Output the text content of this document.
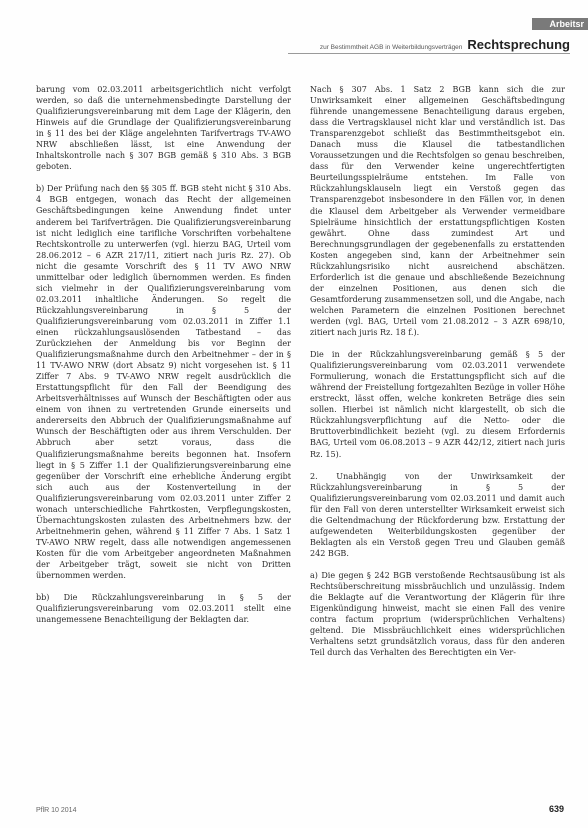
Arbeitsr
zur Bestimmtheit AGB in Weiterbildungsverträgen Rechtsprechung

barung vom 02.03.2011 arbeitsgerichtlich nicht verfolgt werden, so daß die unternehmensbedingte Darstellung der Qualifizierungsvereinbarung mit dem Lage der Klägerin, den Hinweis auf die Grundlage der Qualifizierungsvereinbarung in § 11 des bei der Kläge angelehnten Tarifvertrags TV-AWO NRW abschließen lässt, ist eine Anwendung der Inhaltskontrolle nach § 307 BGB gemäß § 310 Abs. 3 BGB geboten.

b) Der Prüfung nach den §§ 305 ff. BGB steht nicht § 310 Abs. 4 BGB entgegen, wonach das Recht der allgemeinen Geschäftsbedingungen keine Anwendung findet unter anderem bei Tarifverträgen. Die Qualifizierungsvereinbarung ist nicht lediglich eine tarifliche Vorschriften vorbehaltene Rechtskontrolle zu unterwerfen (vgl. hierzu BAG, Urteil vom 28.06.2012 – 6 AZR 217/11, zitiert nach juris Rz. 27). Ob nicht die gesamte Vorschrift des § 11 TV AWO NRW unmittelbar oder lediglich übernommen werden. Es finden sich vielmehr in der Qualifizierungsvereinbarung vom 02.03.2011 inhaltliche Änderungen. So regelt die Rückzahlungsvereinbarung in § 5 der Qualifizierungsvereinbarung vom 02.03.2011 in Ziffer 1.1 einen rückzahlungsauslösenden Tatbestand – das Zurückziehen der Anmeldung bis vor Beginn der Qualifizierungsmaßnahme durch den Arbeitnehmer – der in § 11 TV-AWO NRW (dort Absatz 9) nicht vorgesehen ist. § 11 Ziffer 7 Abs. 9 TV-AWO NRW regelt ausdrücklich die Erstattungspflicht für den Fall der Beendigung des Arbeitsverhältnisses auf Wunsch der Beschäftigten oder aus einem von ihnen zu vertretenden Grunde einerseits und andererseits den Abbruch der Qualifizierungsmaßnahme auf Wunsch der Beschäftigten oder aus ihrem Verschulden. Der Abbruch aber setzt voraus, dass die Qualifizierungsmaßnahme bereits begonnen hat. Insofern liegt in § 5 Ziffer 1.1 der Qualifizierungsvereinbarung eine gegenüber der Vorschrift eine erhebliche Änderung ergibt sich auch aus der Kostenverteilung in der Qualifizierungsvereinbarung vom 02.03.2011 unter Ziffer 2 wonach unterschiedliche Fahrtkosten, Verpflegungskosten, Übernachtungskosten zulasten des Arbeitnehmers bzw. der Arbeitnehmerin gehen, während § 11 Ziffer 7 Abs. 1 Satz 1 TV-AWO NRW regelt, dass alle notwendigen angemessenen Kosten für die vom Arbeitgeber angeordneten Maßnahmen der Arbeitgeber trägt, soweit sie nicht von Dritten übernommen werden.

bb) Die Rückzahlungsvereinbarung in § 5 der Qualifizierungsvereinbarung vom 02.03.2011 stellt eine unangemessene Benachteiligung der Beklagten dar.

Nach § 307 Abs. 1 Satz 2 BGB kann sich die zur Unwirksamkeit einer allgemeinen Geschäftsbedingung führende unangemessene Benachteiligung daraus ergeben, dass die Vertragsklausel nicht klar und verständlich ist. Das Transparenzgebot schließt das Bestimmtheitsgebot ein. Danach muss die Klausel die tatbestandlichen Voraussetzungen und die Rechtsfolgen so genau beschreiben, dass für den Verwender keine ungerechtfertigten Beurteilungsspielräume entstehen. Im Falle von Rückzahlungsklauseln liegt ein Verstoß gegen das Transparenzgebot insbesondere in den Fällen vor, in denen die Klausel dem Arbeitgeber als Verwender vermeidbare Spielräume hinsichtlich der erstattungspflichtigen Kosten gewährt. Ohne dass zumindest Art und Berechnungsgrundlagen der gegebenenfalls zu erstattenden Kosten angegeben sind, kann der Arbeitnehmer sein Rückzahlungsrisiko nicht ausreichend abschätzen. Erforderlich ist die genaue und abschließende Bezeichnung der einzelnen Positionen, aus denen sich die Gesamtforderung zusammensetzen soll, und die Angabe, nach welchen Parametern die einzelnen Positionen berechnet werden (vgl. BAG, Urteil vom 21.08.2012 – 3 AZR 698/10, zitiert nach juris Rz. 18 f.).

Die in der Rückzahlungsvereinbarung gemäß § 5 der Qualifizierungsvereinbarung vom 02.03.2011 verwendete Formulierung, wonach die Erstattungspflicht sich auf die während der Freistellung fortgezahlten Bezüge in voller Höhe erstreckt, lässt offen, welche konkreten Beträge dies sein sollen. Hierbei ist nämlich nicht klargestellt, ob sich die Rückzahlungsverpflichtung auf die Netto- oder die Bruttoverbindlichkeit bezieht (vgl. zu diesem Erfordernis BAG, Urteil vom 06.08.2013 – 9 AZR 442/12, zitiert nach juris Rz. 15).

2. Unabhängig von der Unwirksamkeit der Rückzahlungsvereinbarung in § 5 der Qualifizierungsvereinbarung vom 02.03.2011 und damit auch für den Fall von deren unterstellter Wirksamkeit erweist sich die Geltendmachung der Rückforderung bzw. Erstattung der aufgewendeten Weiterbildungskosten gegenüber der Beklagten als ein Verstoß gegen Treu und Glauben gemäß 242 BGB.

a) Die gegen § 242 BGB verstoßende Rechtsausübung ist als Rechtsüberschreitung missbräuchlich und unzulässig. Indem die Beklagte auf die Verantwortung der Klägerin für ihre Eigenkündigung hinweist, macht sie einen Fall des venire contra factum proprium (widersprüchlichen Verhaltens) geltend. Die Missbräuchlichkeit eines widersprüchlichen Verhaltens setzt grundsätzlich voraus, dass für den anderen Teil durch das Verhalten des Berechtigten ein Ver-

PflR 10 2014	639
